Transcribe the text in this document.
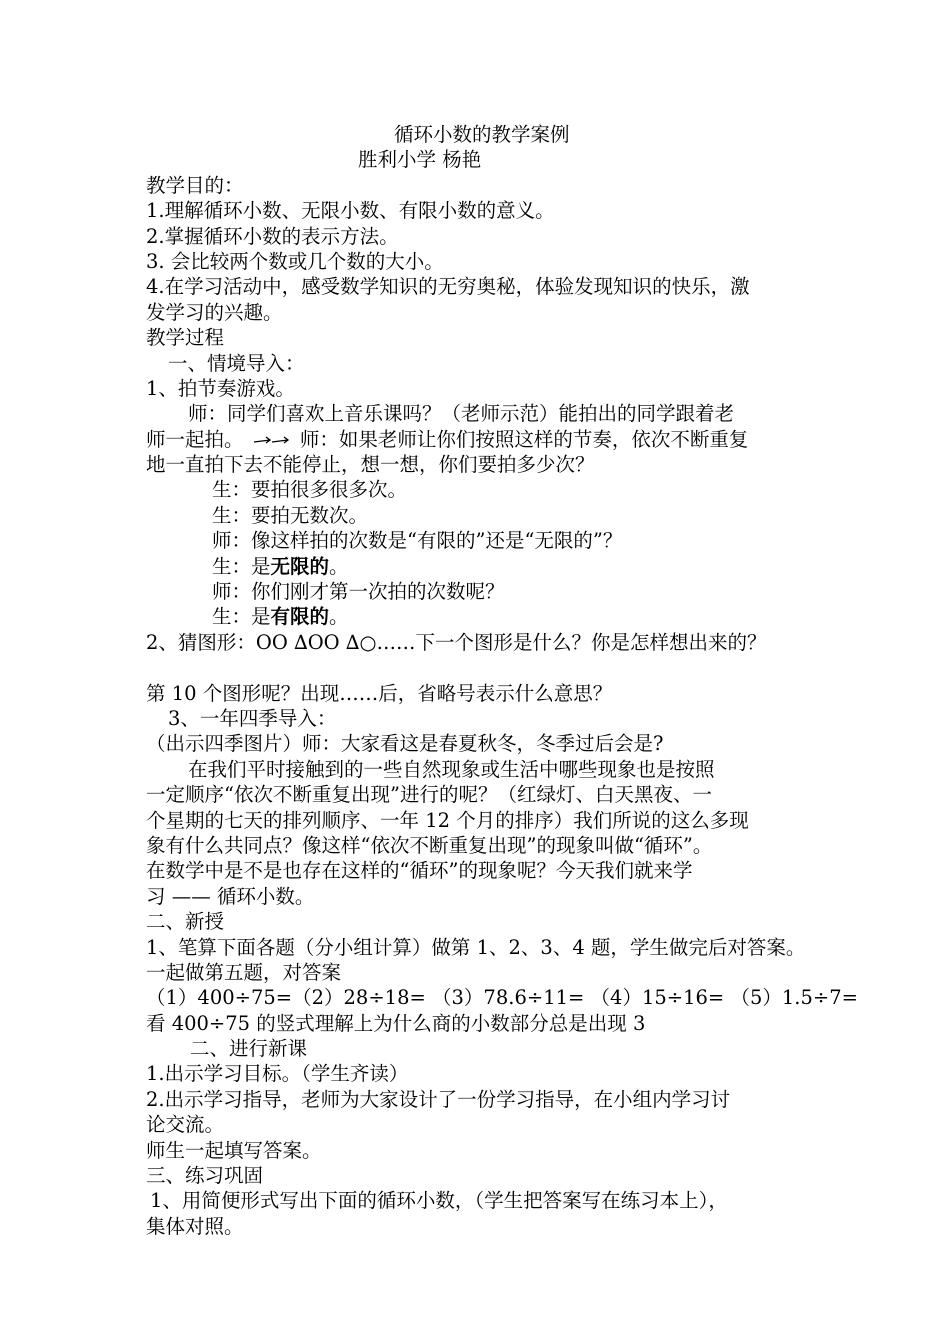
循环小数的教学案例
胜利小学 杨艳
教学目的：
1.理解循环小数、无限小数、有限小数的意义。
2.掌握循环小数的表示方法。
3. 会比较两个数或几个数的大小。
4.在学习活动中，感受数学知识的无穷奥秘，体验发现知识的快乐，激
发学习的兴趣。
教学过程
一、情境导入：
1、拍节奏游戏。
师：同学们喜欢上音乐课吗？（老师示范）能拍出的同学跟着老
师一起拍。	师：如果老师让你们按照这样的节奏，依次不断重复
地一直拍下去不能停止，想一想，你们要拍多少次？
生：要拍很多很多次。
生：要拍无数次。
师：像这样拍的次数是“有限的”还是“无限的”？
生：是无限的。
师：你们刚才第一次拍的次数呢？
生：是有限的。
2、猜图形：OO ∆OO ∆○……下一个图形是什么？你是怎样想出来的？
第 10 个图形呢？出现……后，省略号表示什么意思？
3、一年四季导入：
（出示四季图片）师：大家看这是春夏秋冬，冬季过后会是?
在我们平时接触到的一些自然现象或生活中哪些现象也是按照
一定顺序“依次不断重复出现”进行的呢？（红绿灯、白天黑夜、一
个星期的七天的排列顺序、一年 12 个月的排序）我们所说的这么多现
象有什么共同点？像这样“依次不断重复出现”的现象叫做“循环”。
在数学中是不是也存在这样的“循环”的现象呢？今天我们就来学
习 —— 循环小数。
二、新授
1、笔算下面各题（分小组计算）做第 1、2、3、4 题，学生做完后对答案。
一起做第五题，对答案
（1）400÷75=（2）28÷18= （3）78.6÷11= （4）15÷16= （5）1.5÷7=
看 400÷75 的竖式理解上为什么商的小数部分总是出现 3
二、进行新课
1.出示学习目标。（学生齐读）
2.出示学习指导，老师为大家设计了一份学习指导，在小组内学习讨
论交流。
师生一起填写答案。
三、练习巩固
1、用简便形式写出下面的循环小数，（学生把答案写在练习本上），
集体对照。
